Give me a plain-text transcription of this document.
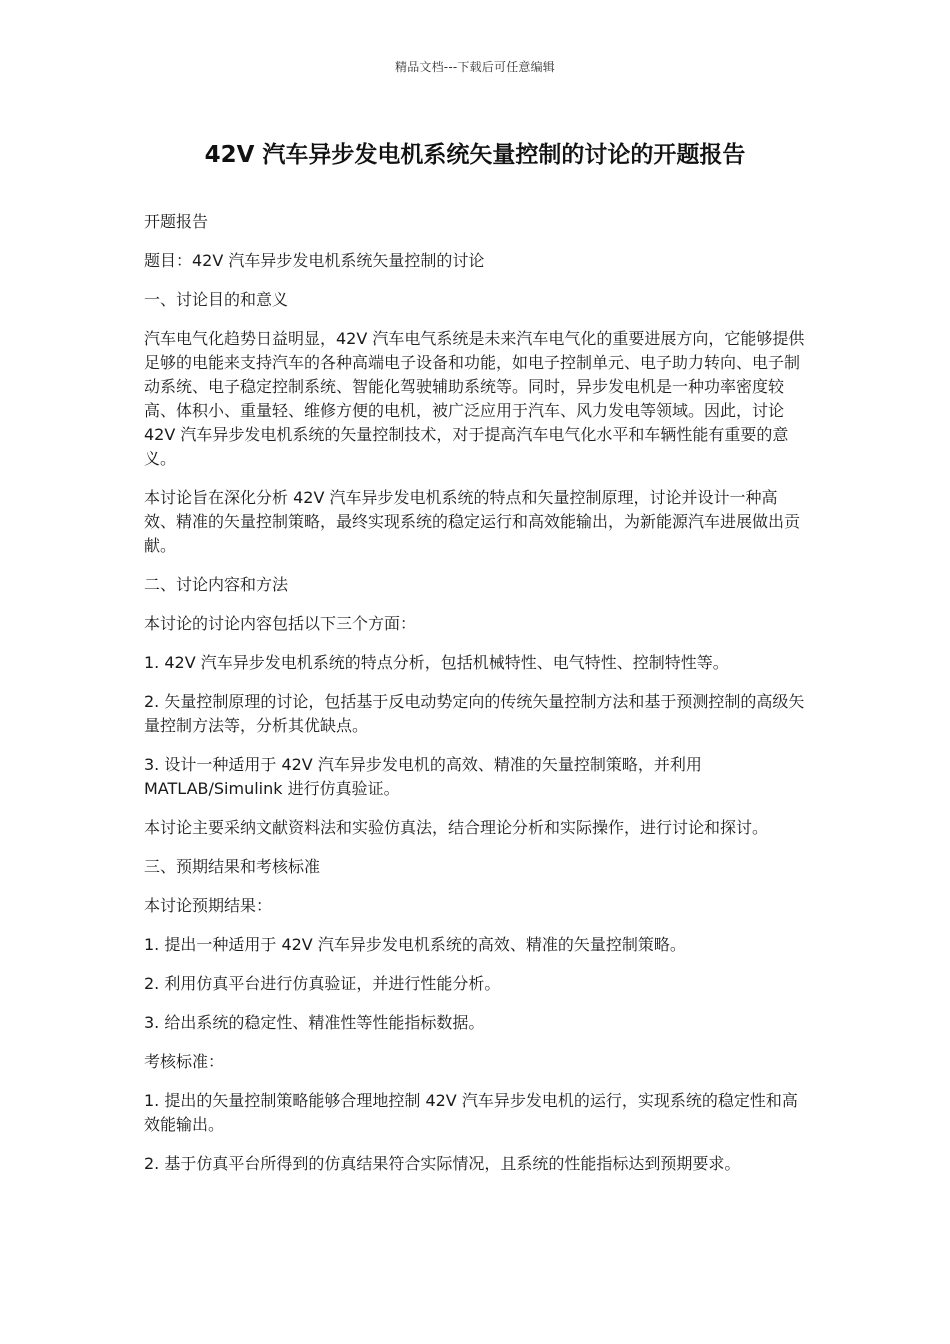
精品文档---下载后可任意编辑
42V 汽车异步发电机系统矢量控制的讨论的开题报告

开题报告

题目：42V 汽车异步发电机系统矢量控制的讨论

一、讨论目的和意义

汽车电气化趋势日益明显，42V 汽车电气系统是未来汽车电气化的重要进展方向，它能够提供足够的电能来支持汽车的各种高端电子设备和功能，如电子控制单元、电子助力转向、电子制动系统、电子稳定控制系统、智能化驾驶辅助系统等。同时，异步发电机是一种功率密度较高、体积小、重量轻、维修方便的电机，被广泛应用于汽车、风力发电等领域。因此，讨论 42V 汽车异步发电机系统的矢量控制技术，对于提高汽车电气化水平和车辆性能有重要的意义。

本讨论旨在深化分析 42V 汽车异步发电机系统的特点和矢量控制原理，讨论并设计一种高效、精准的矢量控制策略，最终实现系统的稳定运行和高效能输出，为新能源汽车进展做出贡献。

二、讨论内容和方法

本讨论的讨论内容包括以下三个方面：

1. 42V 汽车异步发电机系统的特点分析，包括机械特性、电气特性、控制特性等。

2. 矢量控制原理的讨论，包括基于反电动势定向的传统矢量控制方法和基于预测控制的高级矢量控制方法等，分析其优缺点。

3. 设计一种适用于 42V 汽车异步发电机的高效、精准的矢量控制策略，并利用 MATLAB/Simulink 进行仿真验证。

本讨论主要采纳文献资料法和实验仿真法，结合理论分析和实际操作，进行讨论和探讨。

三、预期结果和考核标准

本讨论预期结果：

1. 提出一种适用于 42V 汽车异步发电机系统的高效、精准的矢量控制策略。

2. 利用仿真平台进行仿真验证，并进行性能分析。

3. 给出系统的稳定性、精准性等性能指标数据。

考核标准：

1. 提出的矢量控制策略能够合理地控制 42V 汽车异步发电机的运行，实现系统的稳定性和高效能输出。

2. 基于仿真平台所得到的仿真结果符合实际情况，且系统的性能指标达到预期要求。
